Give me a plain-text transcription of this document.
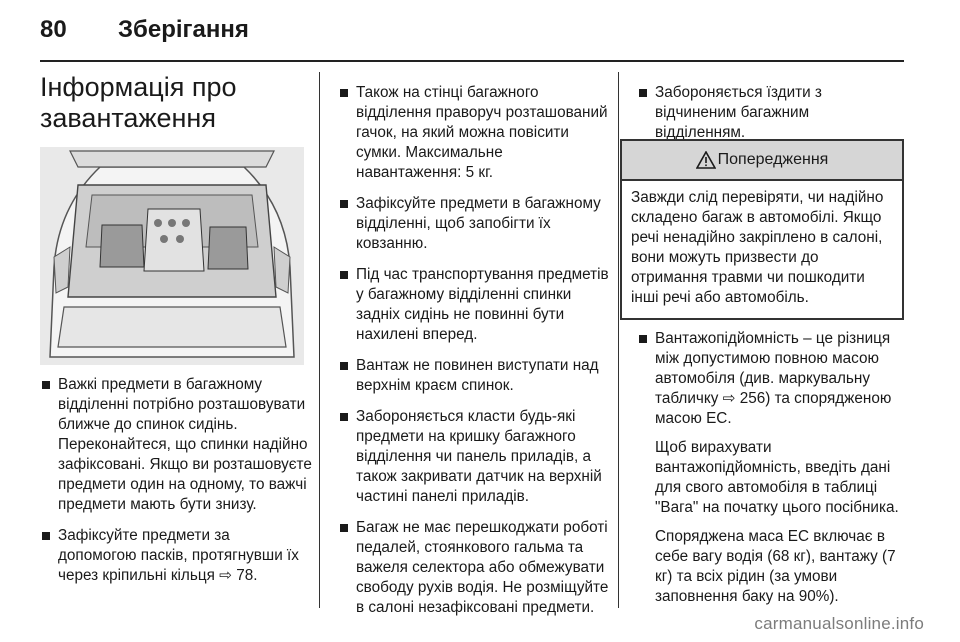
80 Зберігання
Інформація про завантаження
Важкі предмети в багажному відділенні потрібно розташовувати ближче до спинок сидінь. Переконайтеся, що спинки надійно зафіксовані. Якщо ви розташовуєте предмети один на одному, то важчі предмети мають бути знизу.
Зафіксуйте предмети за допомогою пасків, протягнувши їх через кріпильні кільця ⇨ 78.
Також на стінці багажного відділення праворуч розташований гачок, на який можна повісити сумки. Максимальне навантаження: 5 кг.
Зафіксуйте предмети в багажному відділенні, щоб запобігти їх ковзанню.
Під час транспортування предметів у багажному відділенні спинки задніх сидінь не повинні бути нахилені вперед.
Вантаж не повинен виступати над верхнім краєм спинок.
Забороняється класти будь-які предмети на кришку багажного відділення чи панель приладів, а також закривати датчик на верхній частині панелі приладів.
Багаж не має перешкоджати роботі педалей, стоянкового гальма та важеля селектора або обмежувати свободу рухів водія. Не розміщуйте в салоні незафіксовані предмети.
Забороняється їздити з відчиненим багажним відділенням.
Попередження
Завжди слід перевіряти, чи надійно складено багаж в автомобілі. Якщо речі ненадійно закріплено в салоні, вони можуть призвести до отримання травми чи пошкодити інші речі або автомобіль.
Вантажопідйомність – це різниця між допустимою повною масою автомобіля (див. маркувальну табличку ⇨ 256) та спорядженою масою ЕС.
Щоб вирахувати вантажопідйомність, введіть дані для свого автомобіля в таблиці "Вага" на початку цього посібника.
Споряджена маса ЕС включає в себе вагу водія (68 кг), вантажу (7 кг) та всіх рідин (за умови заповнення баку на 90%).
carmanualsonline.info
